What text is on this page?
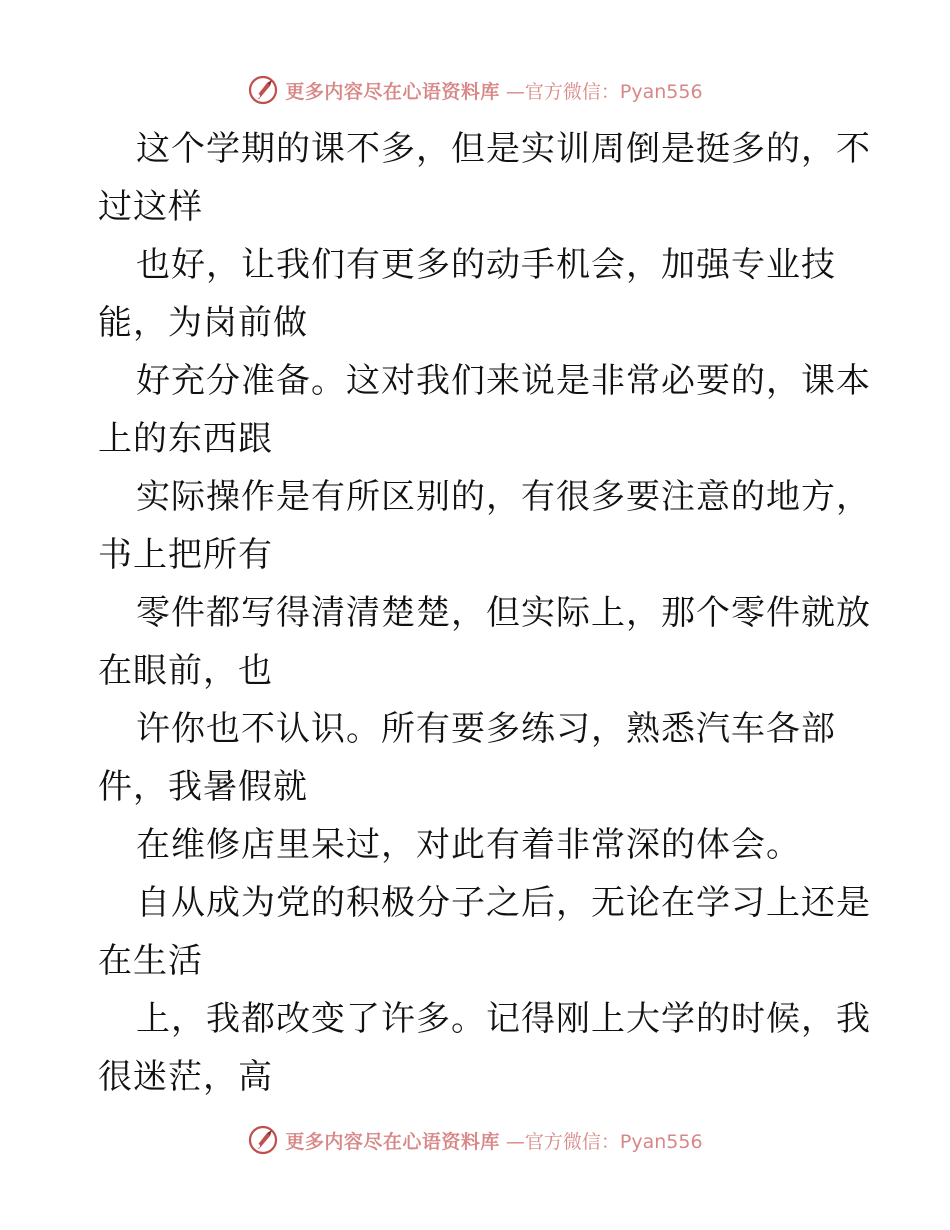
更多内容尽在心语资料库 —官方微信：Pyan556
这个学期的课不多，但是实训周倒是挺多的，不
过这样
也好，让我们有更多的动手机会，加强专业技
能，为岗前做
好充分准备。这对我们来说是非常必要的，课本
上的东西跟
实际操作是有所区别的，有很多要注意的地方，
书上把所有
零件都写得清清楚楚，但实际上，那个零件就放
在眼前，也
许你也不认识。所有要多练习，熟悉汽车各部
件，我暑假就
在维修店里呆过，对此有着非常深的体会。
自从成为党的积极分子之后，无论在学习上还是
在生活
上，我都改变了许多。记得刚上大学的时候，我
很迷茫，高
更多内容尽在心语资料库 —官方微信：Pyan556
